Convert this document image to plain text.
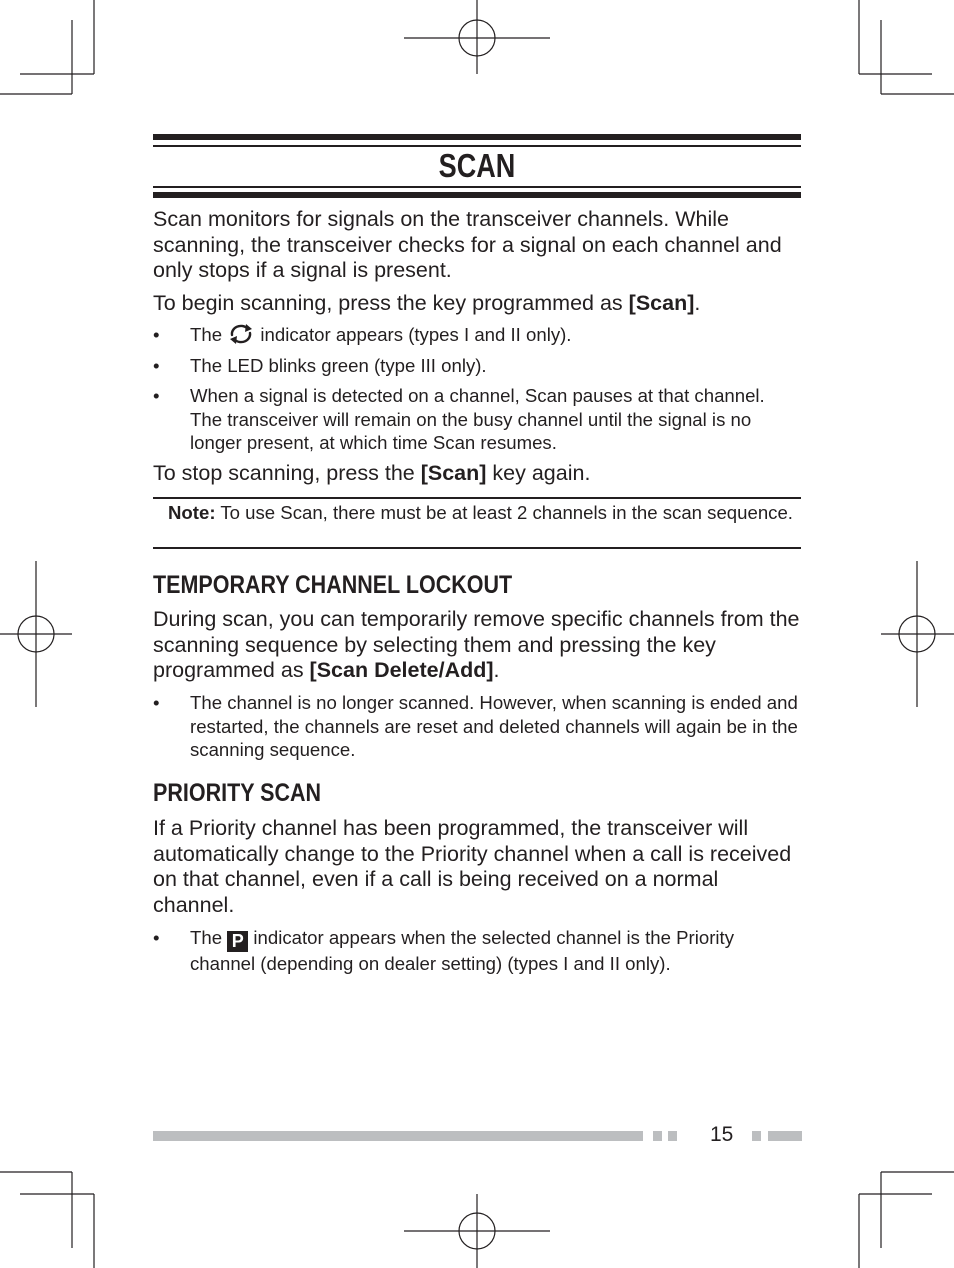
SCAN
Scan monitors for signals on the transceiver channels. While scanning, the transceiver checks for a signal on each channel and only stops if a signal is present.
To begin scanning, press the key programmed as [Scan].
• The  indicator appears (types I and II only).
• The LED blinks green (type III only).
• When a signal is detected on a channel, Scan pauses at that channel. The transceiver will remain on the busy channel until the signal is no longer present, at which time Scan resumes.
To stop scanning, press the [Scan] key again.
Note: To use Scan, there must be at least 2 channels in the scan sequence.
TEMPORARY CHANNEL LOCKOUT
During scan, you can temporarily remove specific channels from the scanning sequence by selecting them and pressing the key programmed as [Scan Delete/Add].
• The channel is no longer scanned. However, when scanning is ended and restarted, the channels are reset and deleted channels will again be in the scanning sequence.
PRIORITY SCAN
If a Priority channel has been programmed, the transceiver will automatically change to the Priority channel when a call is received on that channel, even if a call is being received on a normal channel.
• The P indicator appears when the selected channel is the Priority channel (depending on dealer setting) (types I and II only).
15
